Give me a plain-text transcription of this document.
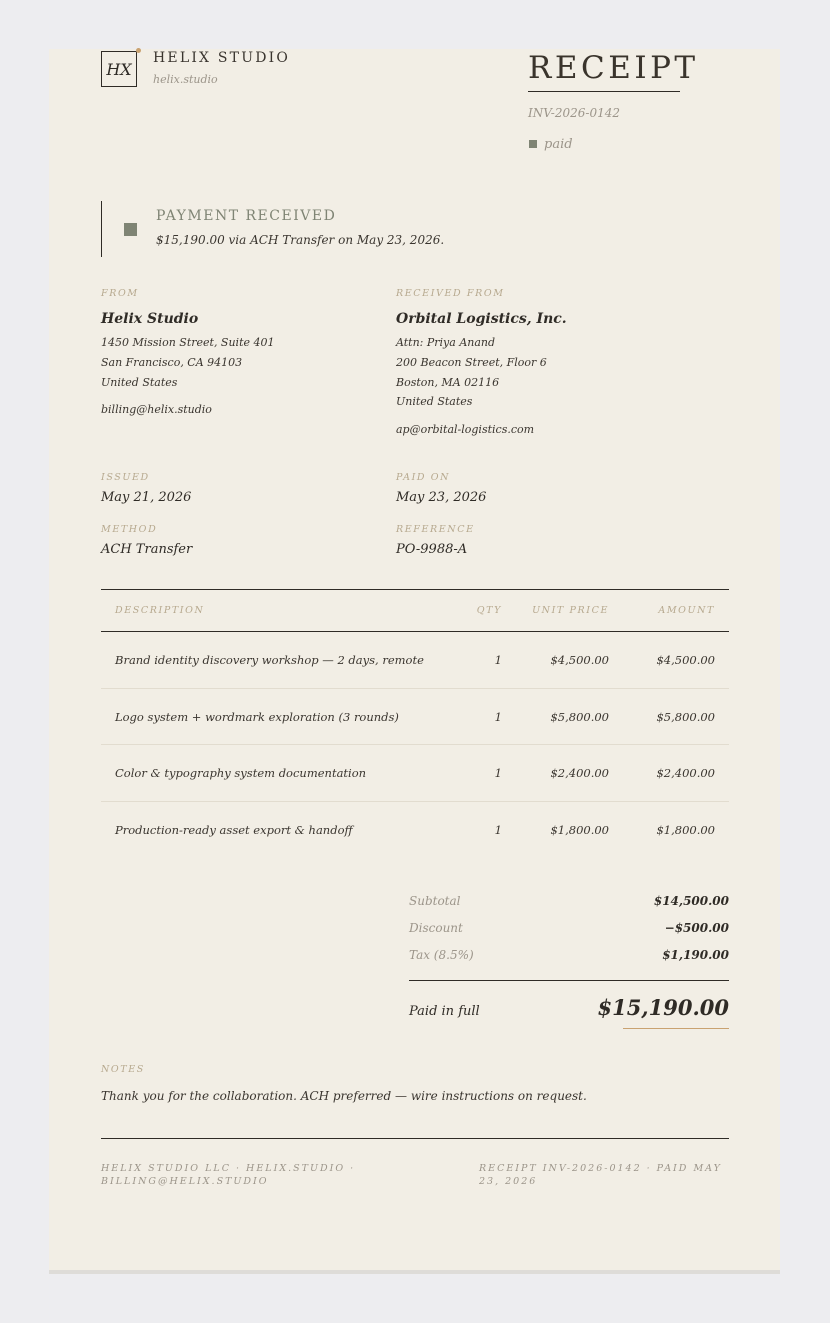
HX
HELIX STUDIO
helix.studio	RECEIPT
INV-2026-0142
paid
PAYMENT RECEIVED
$15,190.00 via ACH Transfer on May 23, 2026.
FROM
Helix Studio
1450 Mission Street, Suite 401
San Francisco, CA 94103
United States
billing@helix.studio
RECEIVED FROM
Orbital Logistics, Inc.
Attn: Priya Anand
200 Beacon Street, Floor 6
Boston, MA 02116
United States
ap@orbital-logistics.com
ISSUED
May 21, 2026
PAID ON
May 23, 2026
METHOD
ACH Transfer
REFERENCE
PO-9988-A
DESCRIPTION	QTY	UNIT PRICE	AMOUNT
Brand identity discovery workshop — 2 days, remote	1	$4,500.00	$4,500.00
Logo system + wordmark exploration (3 rounds)	1	$5,800.00	$5,800.00
Color & typography system documentation	1	$2,400.00	$2,400.00
Production-ready asset export & handoff	1	$1,800.00	$1,800.00
Subtotal	$14,500.00
Discount	−$500.00
Tax (8.5%)	$1,190.00
Paid in full	$15,190.00
NOTES
Thank you for the collaboration. ACH preferred — wire instructions on request.
HELIX STUDIO LLC · HELIX.STUDIO · BILLING@HELIX.STUDIO
RECEIPT INV-2026-0142 · PAID MAY 23, 2026
